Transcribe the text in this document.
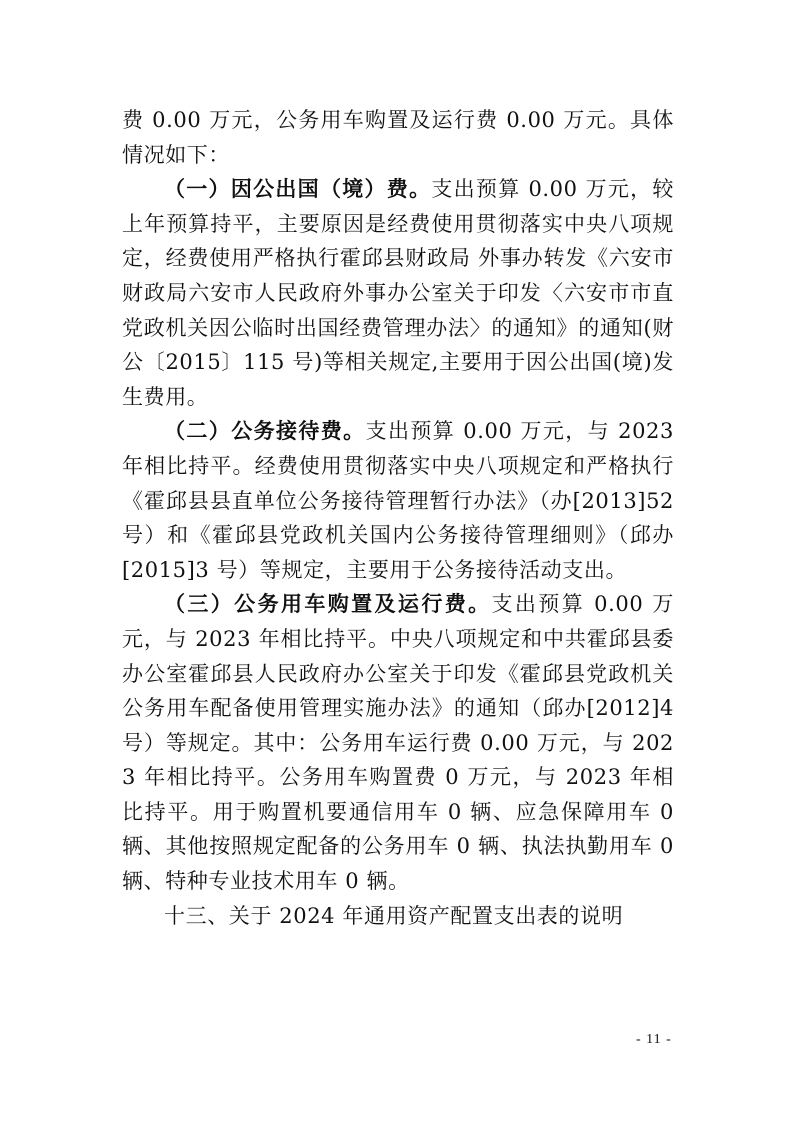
费 0.00 万元，公务用车购置及运行费 0.00 万元。具体情况如下：

（一）因公出国（境）费。支出预算 0.00 万元，较上年预算持平，主要原因是经费使用贯彻落实中央八项规定，经费使用严格执行霍邱县财政局 外事办转发《六安市财政局六安市人民政府外事办公室关于印发〈六安市市直党政机关因公临时出国经费管理办法〉的通知》的通知(财公〔2015〕115 号)等相关规定,主要用于因公出国(境)发生费用。

（二）公务接待费。支出预算 0.00 万元，与 2023 年相比持平。经费使用贯彻落实中央八项规定和严格执行《霍邱县县直单位公务接待管理暂行办法》（办[2013]52 号）和《霍邱县党政机关国内公务接待管理细则》（邱办[2015]3 号）等规定，主要用于公务接待活动支出。

（三）公务用车购置及运行费。支出预算 0.00 万元，与 2023 年相比持平。中央八项规定和中共霍邱县委办公室霍邱县人民政府办公室关于印发《霍邱县党政机关公务用车配备使用管理实施办法》的通知（邱办[2012]4 号）等规定。其中：公务用车运行费 0.00 万元，与 2023 年相比持平。公务用车购置费 0 万元，与 2023 年相比持平。用于购置机要通信用车 0 辆、应急保障用车 0 辆、其他按照规定配备的公务用车 0 辆、执法执勤用车 0 辆、特种专业技术用车 0 辆。

十三、关于 2024 年通用资产配置支出表的说明

- 11 -
